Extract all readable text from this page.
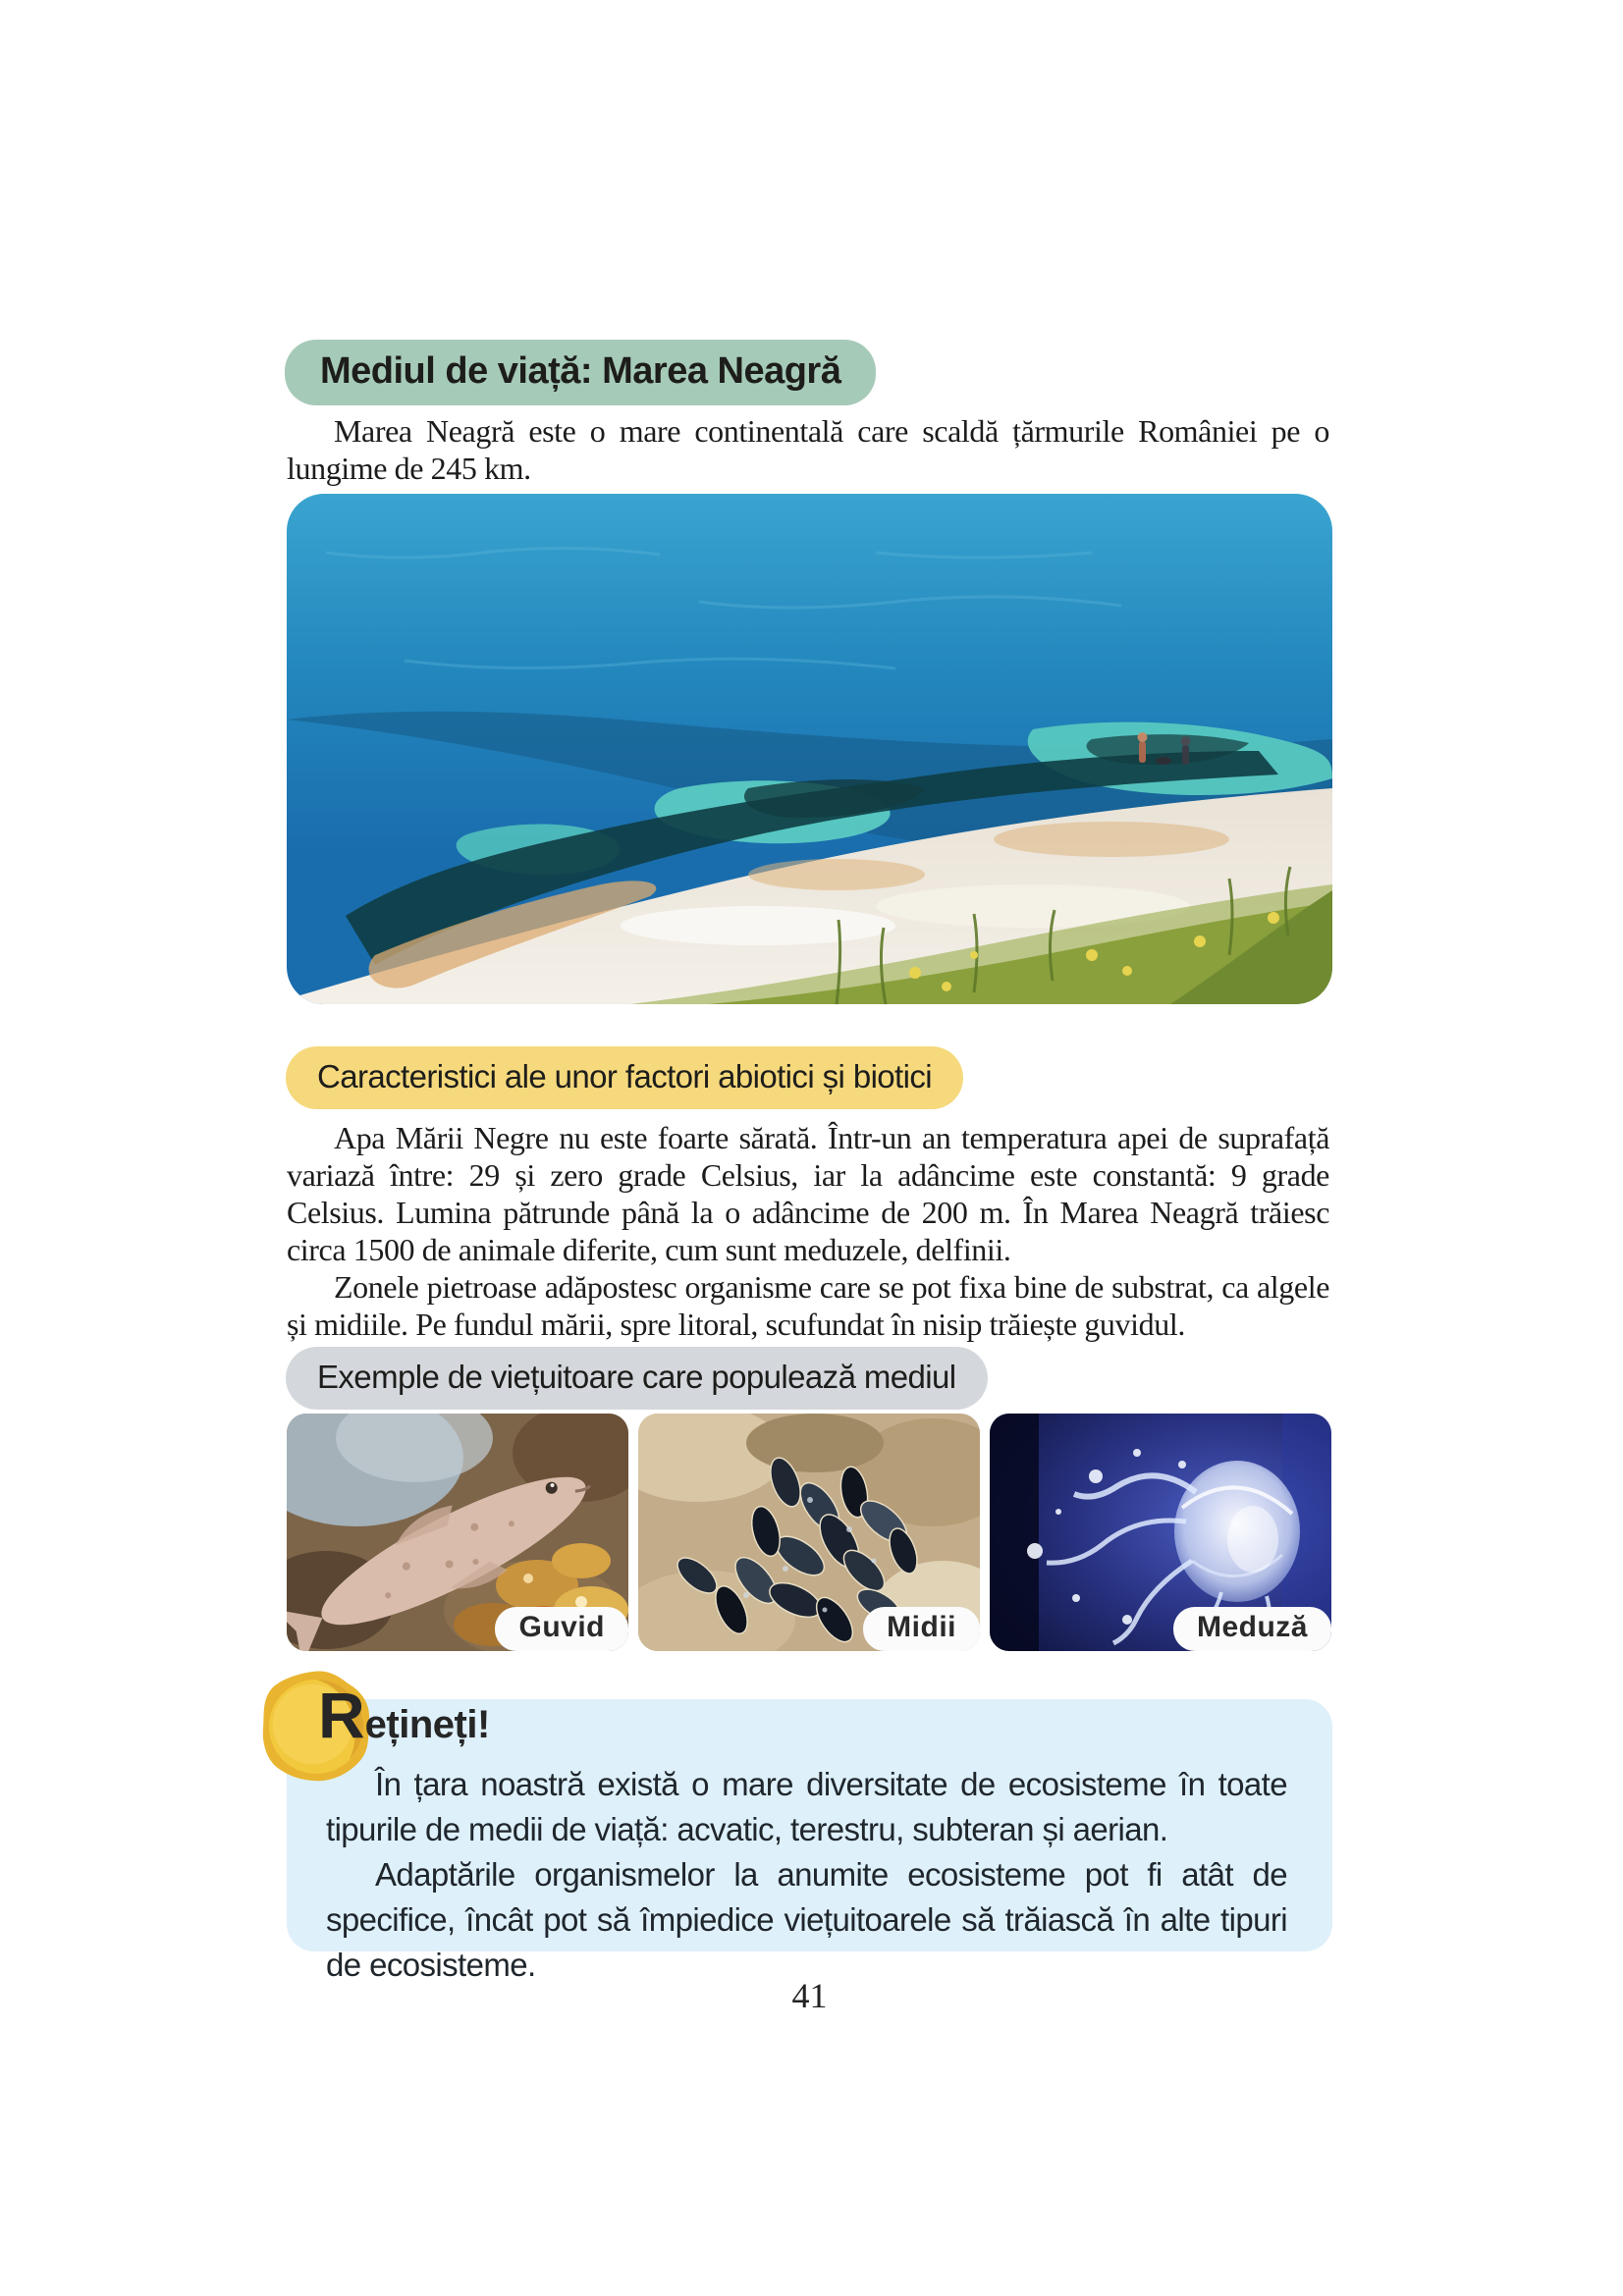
Mediul de viață: Marea Neagră

Marea Neagră este o mare continentală care scaldă țărmurile României pe o lungime de 245 km.

Caracteristici ale unor factori abiotici și biotici

Apa Mării Negre nu este foarte sărată. Într-un an temperatura apei de suprafață variază între: 29 și zero grade Celsius, iar la adâncime este constantă: 9 grade Celsius. Lumina pătrunde până la o adâncime de 200 m. În Marea Neagră trăiesc circa 1500 de animale diferite, cum sunt meduzele, delfinii.

Zonele pietroase adăpostesc organisme care se pot fixa bine de substrat, ca algele și midiile. Pe fundul mării, spre litoral, scufundat în nisip trăiește guvidul.

Exemple de viețuitoare care populează mediul
Guvid	Midii	Meduză

În țara noastră există o mare diversitate de ecosisteme în toate tipurile de medii de viață: acvatic, terestru, subteran și aerian.

Adaptările organismelor la anumite ecosisteme pot fi atât de specifice, încât pot să împiedice viețuitoarele să trăiască în alte tipuri de ecosisteme.

Rețineți!
41
